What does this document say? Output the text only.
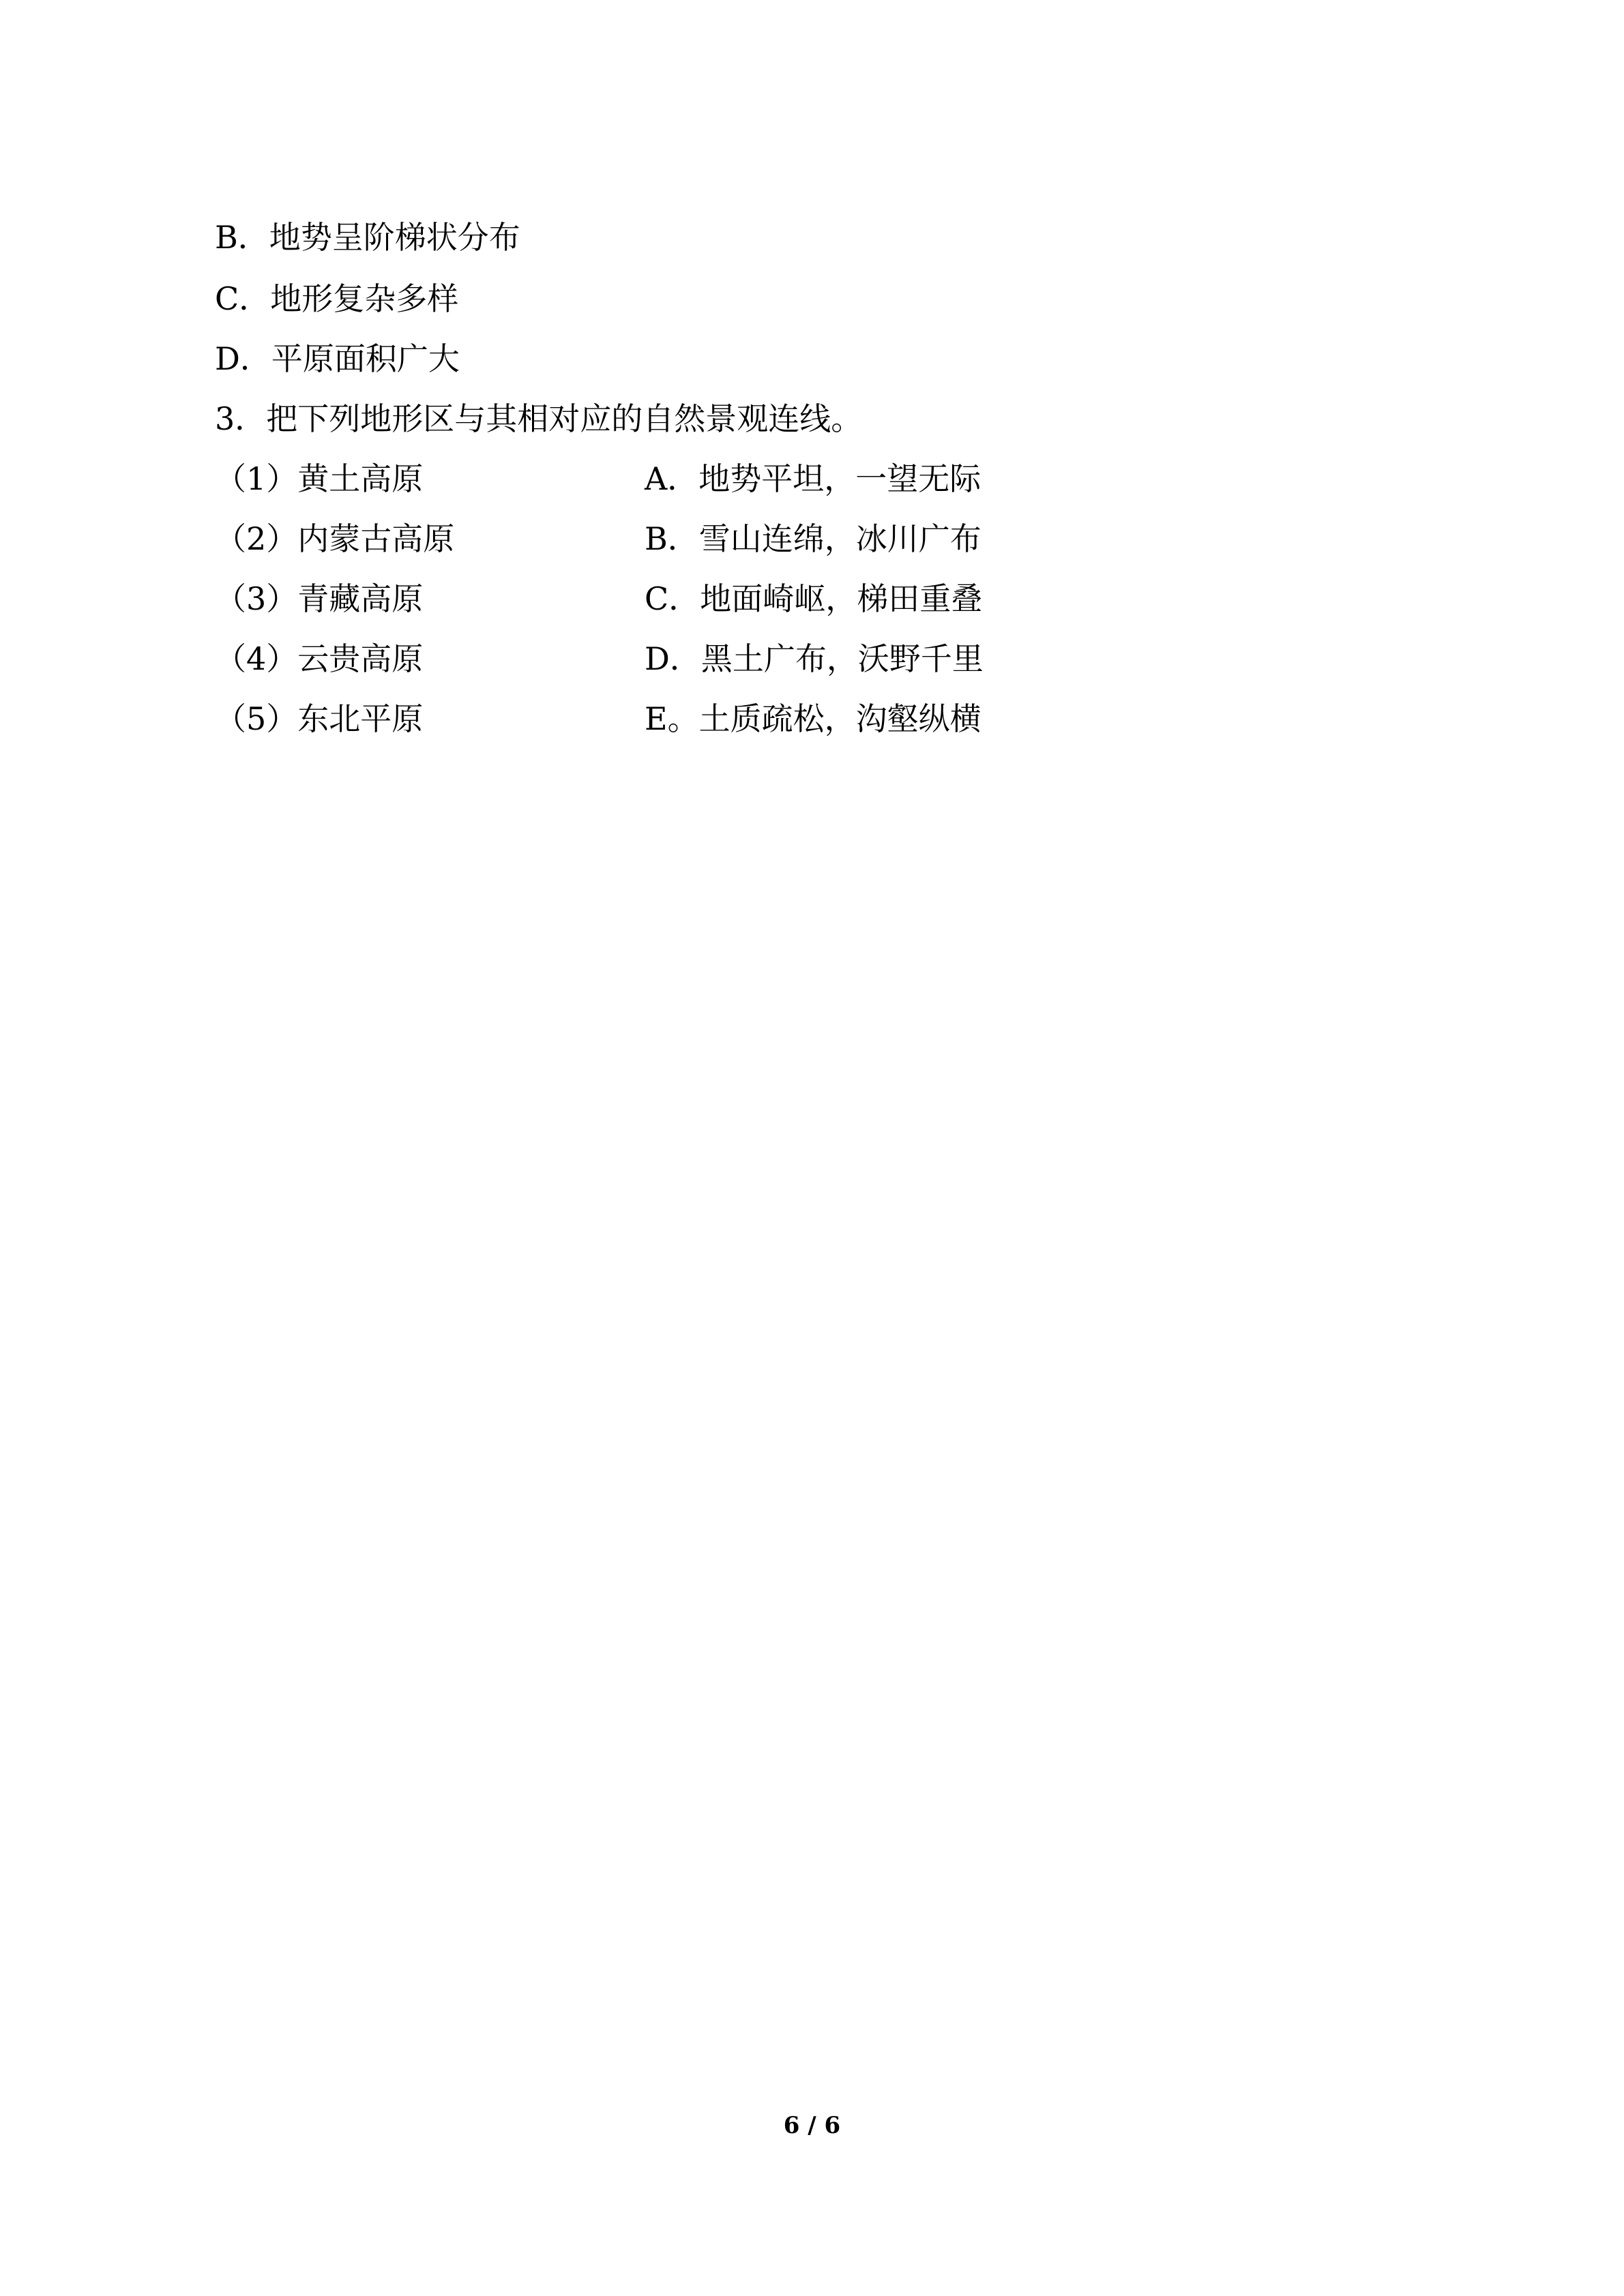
B．地势呈阶梯状分布
C．地形复杂多样
D．平原面积广大
3．把下列地形区与其相对应的自然景观连线。
（1）黄土高原	A．地势平坦，一望无际
（2）内蒙古高原	B．雪山连绵，冰川广布
（3）青藏高原	C．地面崎岖，梯田重叠
（4）云贵高原	D．黑土广布，沃野千里
（5）东北平原	E。土质疏松，沟壑纵横
6 / 6
